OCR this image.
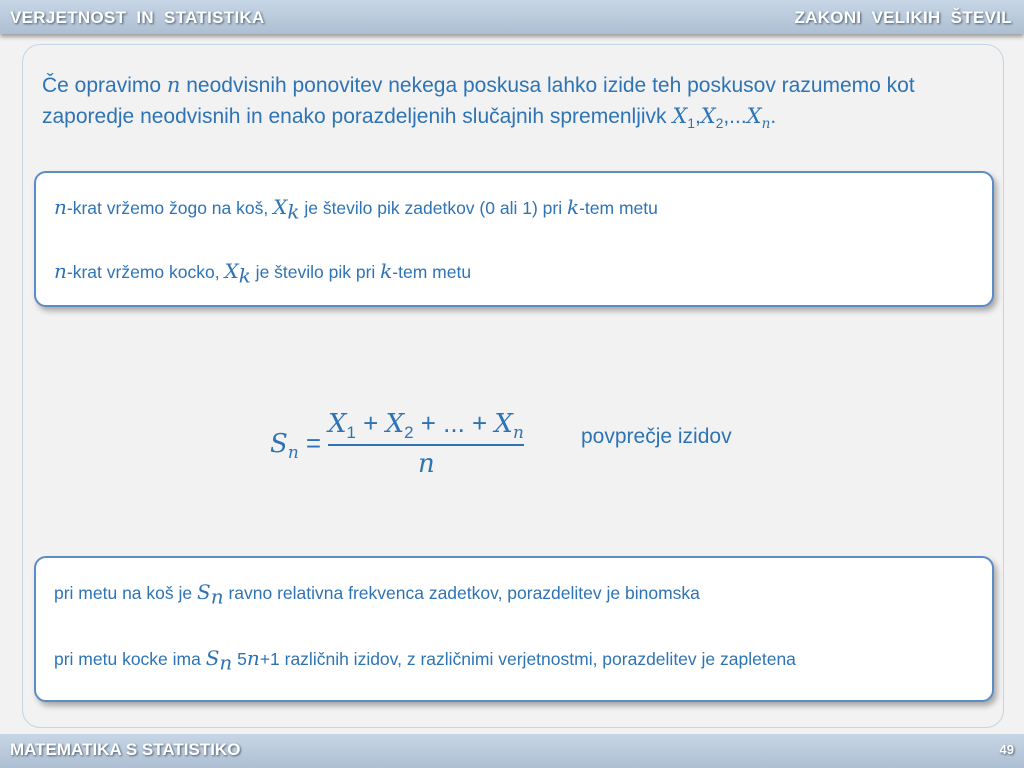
VERJETNOST  IN  STATISTIKA	ZAKONI  VELIKIH  ŠTEVIL
Če opravimo n neodvisnih ponovitev nekega poskusa lahko izide teh poskusov razumemo kot zaporedje neodvisnih in enako porazdeljenih slučajnih spremenljivk $X_1,X_2,...X_n$.
n-krat vržemo žogo na koš, $X_k$ je število pik zadetkov (0 ali 1) pri k-tem metu
n-krat vržemo kocko, $X_k$ je število pik pri k-tem metu
$S_n$ =
$X_1 + X_2$ + ... + $X_n$
n
povprečje izidov
pri metu na koš je $S_n$ ravno relativna frekvenca zadetkov, porazdelitev je binomska
pri metu kocke ima $S_n$ 5n+1 različnih izidov, z različnimi verjetnostmi, porazdelitev je zapletena
MATEMATIKA S STATISTIKO	49
